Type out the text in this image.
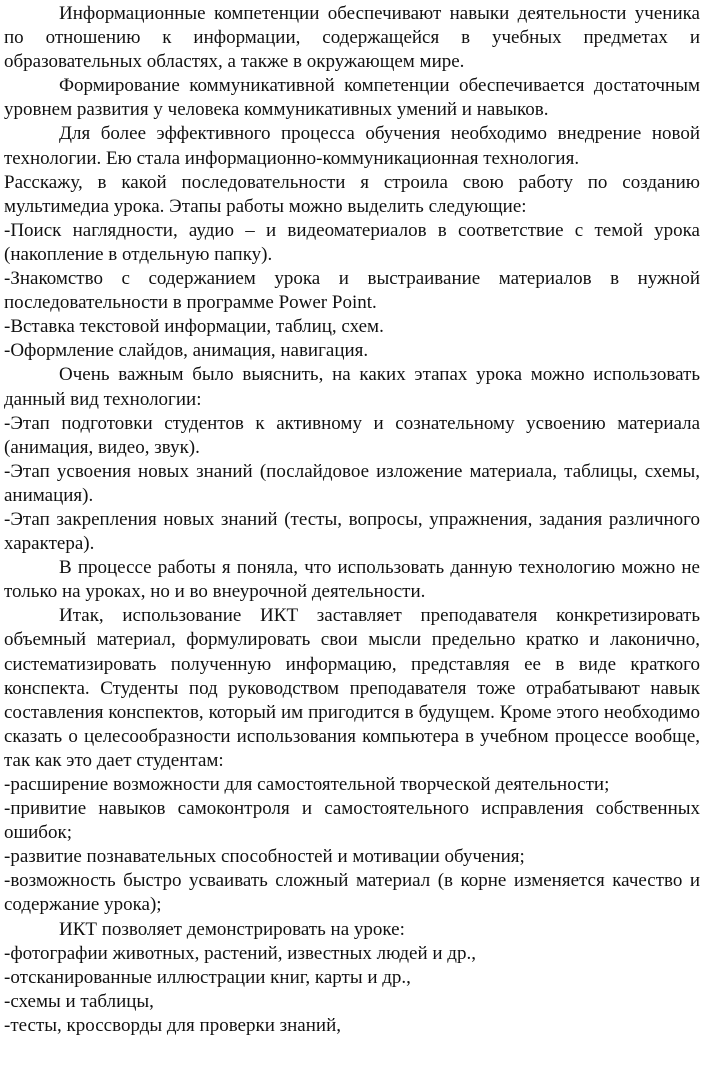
Информационные компетенции обеспечивают навыки деятельности ученика по отношению к информации, содержащейся в учебных предметах и образовательных областях, а также в окружающем мире.

Формирование коммуникативной компетенции обеспечивается достаточным уровнем развития у человека коммуникативных умений и навыков.

Для более эффективного процесса обучения необходимо внедрение новой технологии. Ею стала информационно-коммуникационная технология.

Расскажу, в какой последовательности я строила свою работу по созданию мультимедиа урока. Этапы работы можно выделить следующие:

-Поиск наглядности, аудио – и видеоматериалов в соответствие с темой урока (накопление в отдельную папку).

-Знакомство с содержанием урока и выстраивание материалов в нужной последовательности в программе Power Point.

-Вставка текстовой информации, таблиц, схем.

-Оформление слайдов, анимация, навигация.

Очень важным было выяснить, на каких этапах урока можно использовать данный вид технологии:

-Этап подготовки студентов к активному и сознательному усвоению материала (анимация, видео, звук).

-Этап усвоения новых знаний (послайдовое изложение материала, таблицы, схемы, анимация).

-Этап закрепления новых знаний (тесты, вопросы, упражнения, задания различного характера).

В процессе работы я поняла, что использовать данную технологию можно не только на уроках, но и во внеурочной деятельности.

Итак, использование ИКТ заставляет преподавателя конкретизировать объемный материал, формулировать свои мысли предельно кратко и лаконично, систематизировать полученную информацию, представляя ее в виде краткого конспекта. Студенты под руководством преподавателя тоже отрабатывают навык составления конспектов, который им пригодится в будущем. Кроме этого необходимо сказать о целесообразности использования компьютера в учебном процессе вообще, так как это дает студентам:

-расширение возможности для самостоятельной творческой деятельности;

-привитие навыков самоконтроля и самостоятельного исправления собственных ошибок;

-развитие познавательных способностей и мотивации обучения;

-возможность быстро усваивать сложный материал (в корне изменяется качество и содержание урока);

ИКТ позволяет демонстрировать на уроке:

-фотографии животных, растений, известных людей и др.,

-отсканированные иллюстрации книг, карты и др.,

-схемы и таблицы,

-тесты, кроссворды для проверки знаний,
